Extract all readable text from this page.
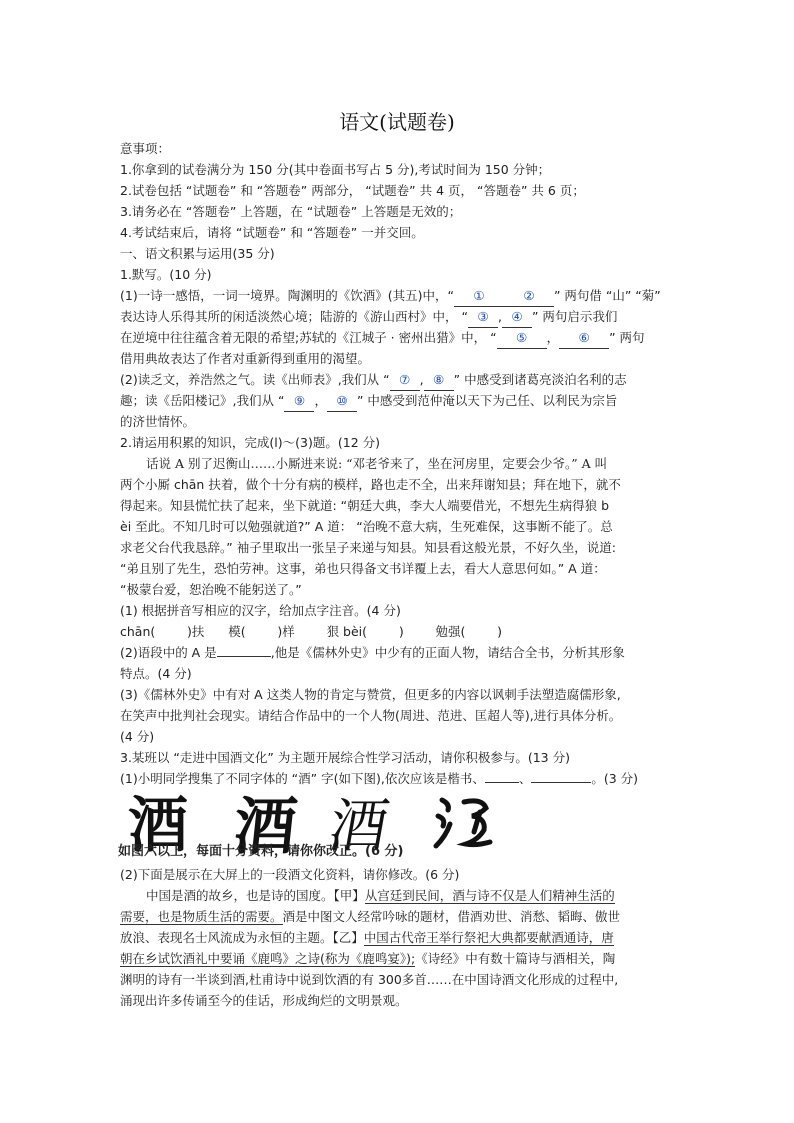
语文(试题卷)
意事项：
1.你拿到的试卷满分为 150 分(其中卷面书写占 5 分),考试时间为 150 分钟；
2.试卷包括 “试题卷” 和 “答题卷” 两部分， “试题卷” 共 4 页， “答题卷” 共 6 页；
3.请务必在 “答题卷” 上答题，在 “试题卷” 上答题是无效的；
4.考试结束后，请将 “试题卷” 和 “答题卷” 一并交回。
一、语文积累与运用(35 分)
1.默写。(10 分)
(1)一诗一感悟，一词一境界。陶渊明的《饮酒》(其五)中，“ ①	② ” 两句借 “山” “菊”
表达诗人乐得其所的闲适淡然心境；陆游的《游山西村》中， “ ③ , ④ ” 两句启示我们
在逆境中往往蕴含着无限的希望;苏轼的《江城子 · 密州出猎》中， “ ⑤ ， ⑥ ” 两句
借用典故表达了作者对重新得到重用的渴望。
(2)读乏文，养浩然之气。读《出师表》,我们从 “ ⑦ , ⑧ ” 中感受到诸葛亮淡泊名利的志
趣；读《岳阳楼记》,我们从 “ ⑨ ， ⑩ ” 中感受到范仲淹以天下为己任、以利民为宗旨
的济世情怀。
2.请运用积累的知识，完成(l)～(3)题。(12 分)
话说 A 别了迟衡山……小厮进来说: “邓老爷来了，坐在河房里，定要会少爷。” A 叫
两个小厮 chān 扶着，做个十分有病的模样，路也走不全，出来拜谢知县；拜在地下，就不
得起来。知县慌忙扶了起来，坐下就道: “朝廷大典，李大人端要借光，不想先生病得狼 b
èi 至此。不知几时可以勉强就道?” A 道： “治晚不意大病，生死难保，这事断不能了。总
求老父台代我恳辞。” 袖子里取出一张呈子来递与知县。知县看这般光景，不好久坐，说道:
“弟且别了先生，恐怕劳神。这事，弟也只得备文书详覆上去，看大人意思何如。” A 道：
“极蒙台爱，恕治晚不能躬送了。”
(1) 根据拼音写相应的汉字，给加点字注音。(4 分)
chān(        )扶      模(        )样        狠 bèi(        )        勉强(        )
(2)语段中的 A 是	,他是《儒林外史》中少有的正面人物，请结合全书，分析其形象
特点。(4 分)
(3)《儒林外史》中有对 A 这类人物的肯定与赞赏，但更多的内容以讽刺手法塑造腐儒形象,
在笑声中批判社会现实。请结合作品中的一个人物(周进、范进、匡超人等),进行具体分析。
(4 分)
3.某班以 “走进中国酒文化” 为主题开展综合性学习活动，请你积极参与。(13 分)
(1)小明同学搜集了不同字体的 “酒” 字(如下图),依次应该是楷书、	、	。(3 分)
酒 酒 酒
如图六以上，每面十分资料，请你你改正。(6 分)
(2)下面是展示在大屏上的一段酒文化资料，请你修改。(6 分)
中国是酒的故乡，也是诗的国度。【甲】从宫廷到民间，酒与诗不仅是人们精神生活的
需要，也是物质生活的需要。酒是中图文人经常吟咏的题材，借酒劝世、消愁、韬晦、傲世
放浪、表现名士风流成为永恒的主题。【乙】中国古代帝王举行祭祀大典都要献酒通诗，唐
朝在乡试饮酒礼中要诵《鹿鸣》之诗(称为《鹿鸣宴》);《诗经》中有数十篇诗与酒相关，陶
渊明的诗有一半谈到酒,杜甫诗中说到饮酒的有 300多首……在中国诗酒文化形成的过程中,
涌现出许多传诵至今的佳话，形成绚烂的文明景观。
